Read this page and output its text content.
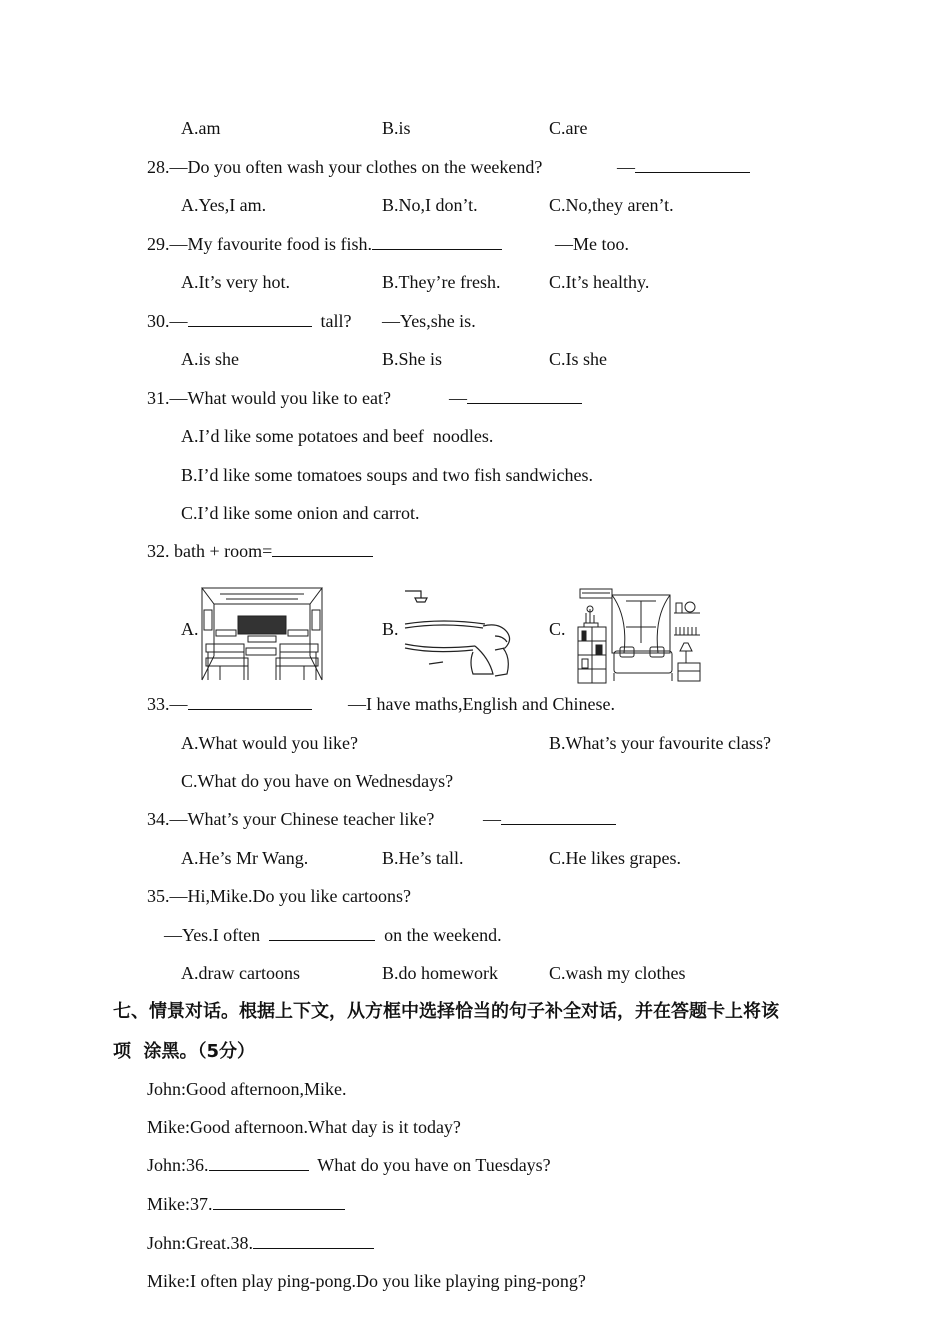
A.am	B.is	C.are
28.—Do you often wash your clothes on the weekend?	—
A.Yes,I am.	B.No,I don’t.	C.No,they aren’t.
29.—My favourite food is fish.	—Me too.
A.It’s very hot.	B.They’re fresh.	C.It’s healthy.
30.—	tall? —Yes,she is.
A.is she	B.She is	C.Is she
31.—What would you like to eat?	—
A.I’d like some potatoes and beef  noodles.
B.I’d like some tomatoes soups and two fish sandwiches.
C.I’d like some onion and carrot.
32. bath + room=
A.	B.	C.
33.—	—I have maths,English and Chinese.
A.What would you like?	B.What’s your favourite class?
C.What do you have on Wednesdays?
34.—What’s your Chinese teacher like?	—
A.He’s Mr Wang.	B.He’s tall.	C.He likes grapes.
35.—Hi,Mike.Do you like cartoons?
—Yes.I often	on the weekend.
A.draw cartoons	B.do homework	C.wash my clothes
七、情景对话。根据上下文，从方框中选择恰当的句子补全对话，并在答题卡上将该
项  涂黑。（5分）
John:Good afternoon,Mike.
Mike:Good afternoon.What day is it today?
John:36.	What do you have on Tuesdays?
Mike:37.
John:Great.38.
Mike:I often play ping-pong.Do you like playing ping-pong?
